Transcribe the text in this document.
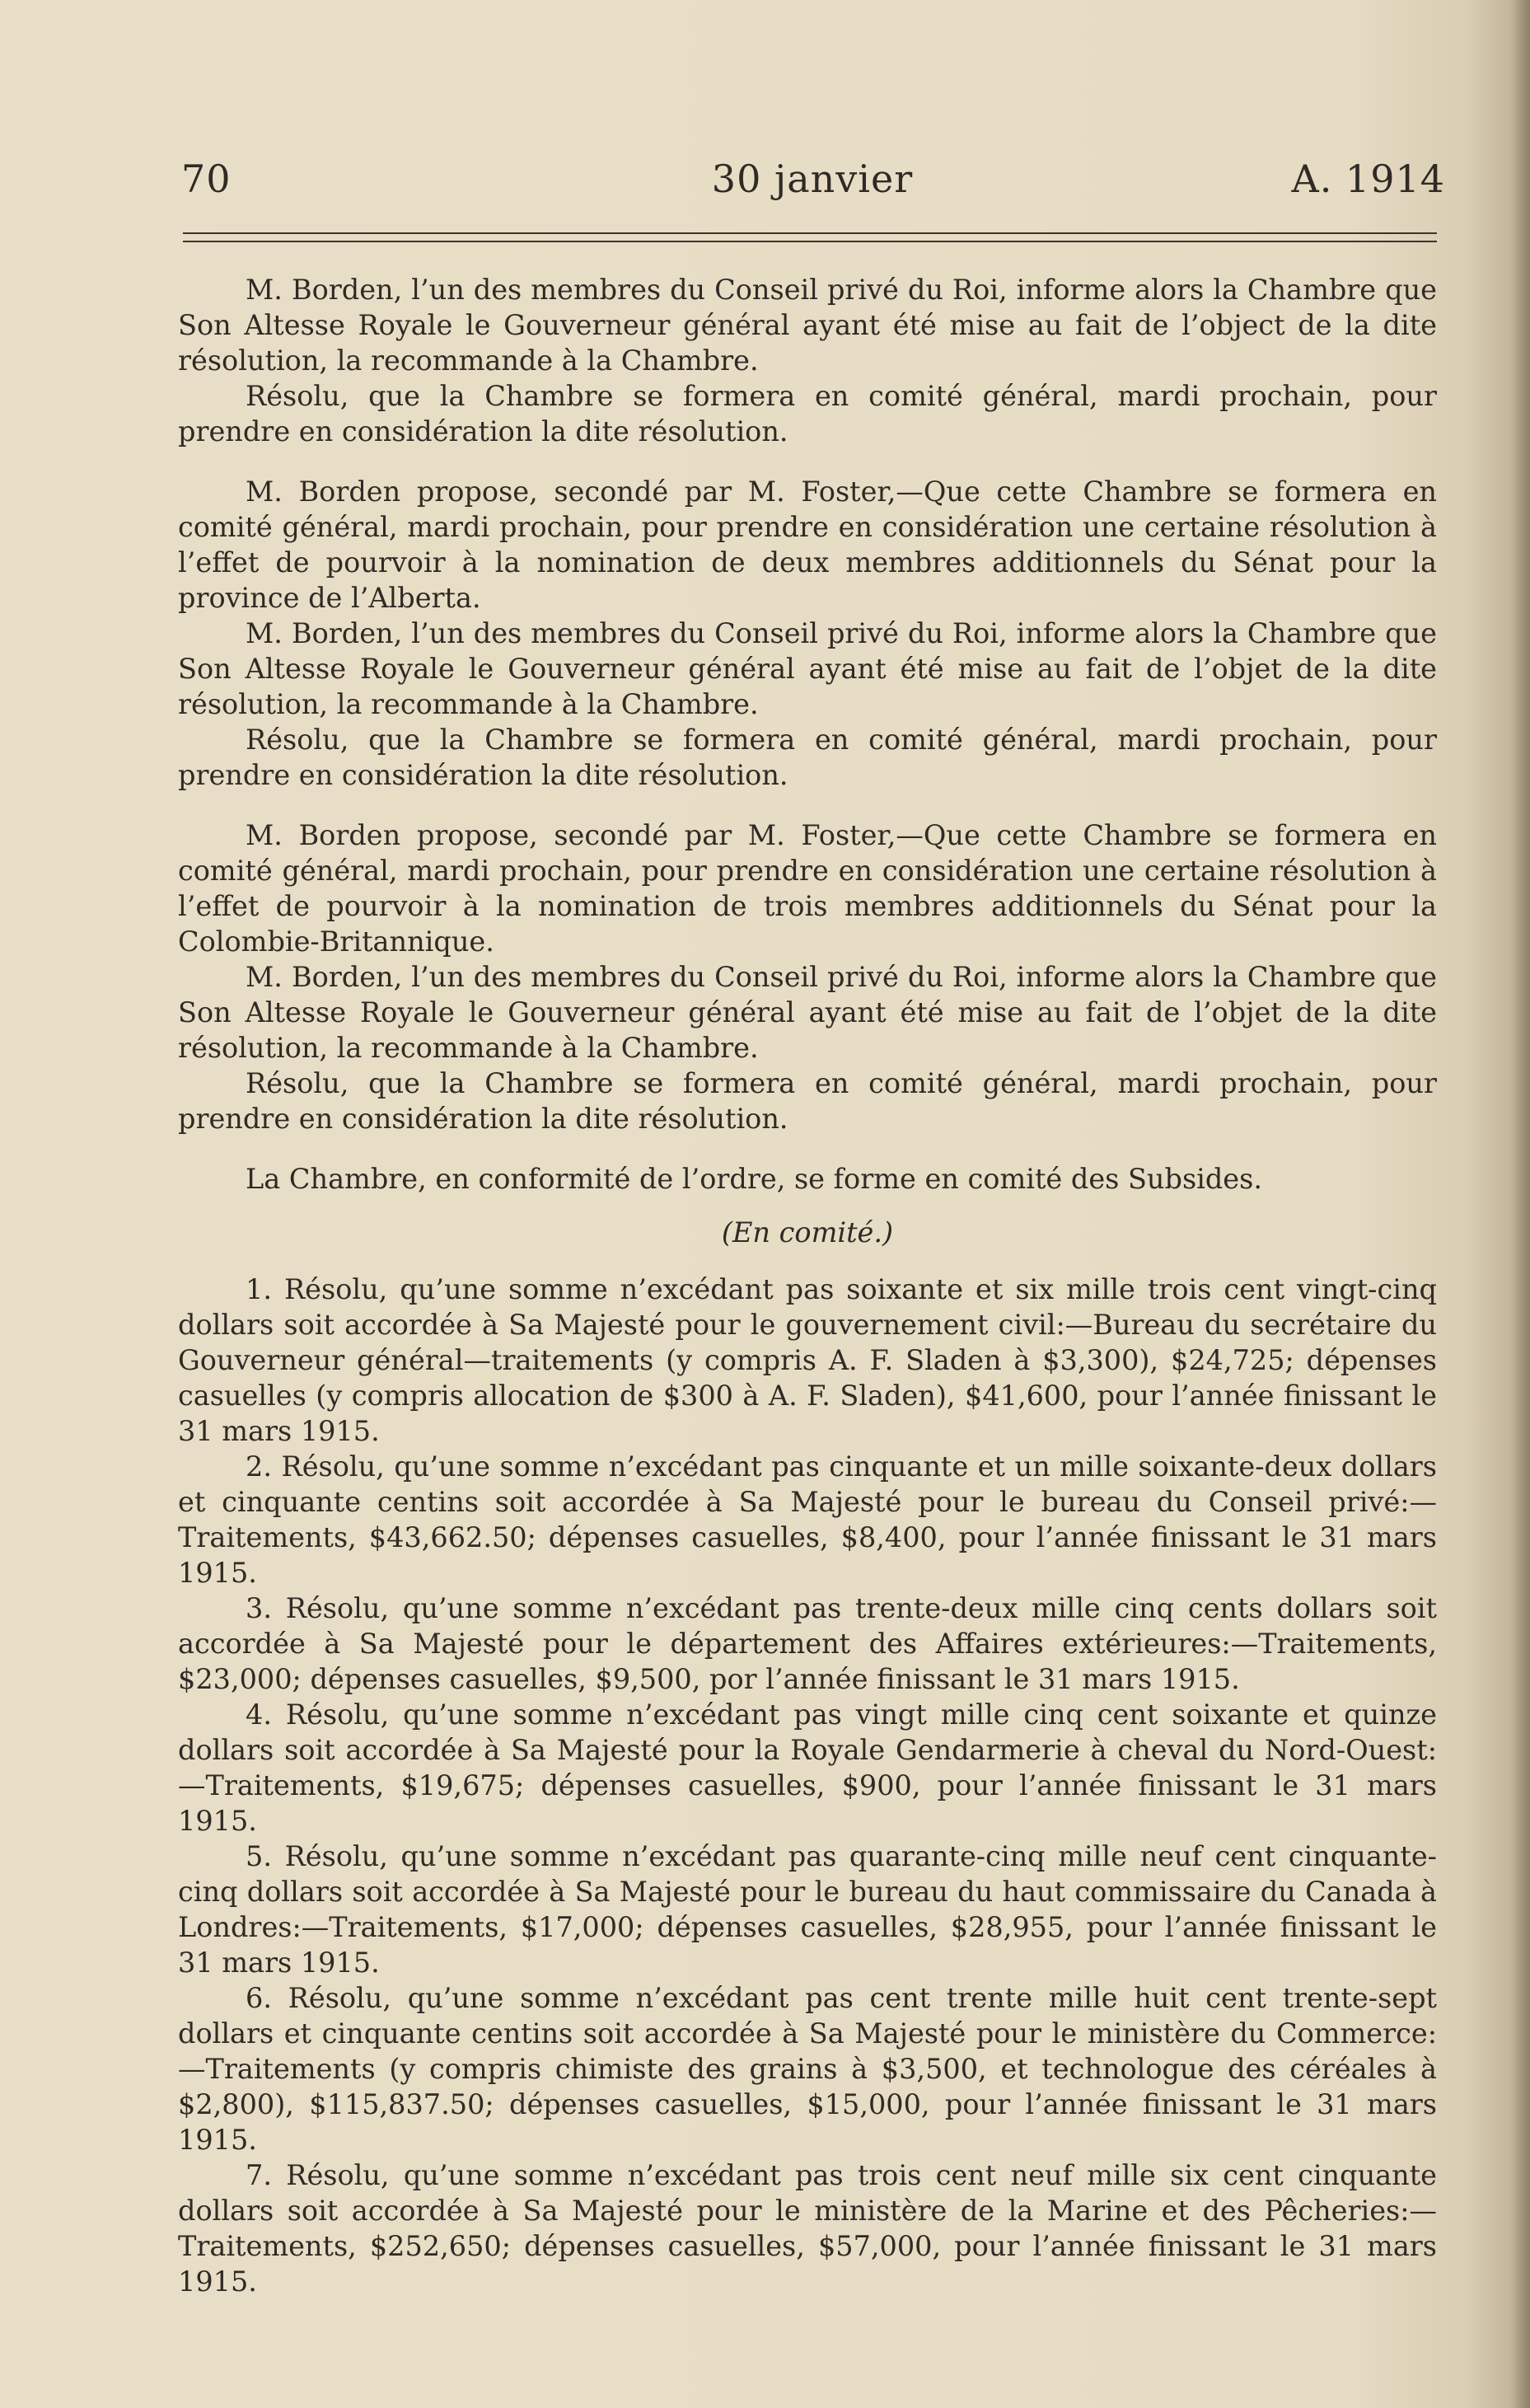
70	30 janvier	A. 1914

M. Borden, l’un des membres du Conseil privé du Roi, informe alors la Chambre que Son Altesse Royale le Gouverneur général ayant été mise au fait de l’object de la dite résolution, la recommande à la Chambre.

Résolu, que la Chambre se formera en comité général, mardi prochain, pour prendre en considération la dite résolution.

M. Borden propose, secondé par M. Foster,—Que cette Chambre se formera en comité général, mardi prochain, pour prendre en considération une certaine résolution à l’effet de pourvoir à la nomination de deux membres additionnels du Sénat pour la province de l’Alberta.

M. Borden, l’un des membres du Conseil privé du Roi, informe alors la Chambre que Son Altesse Royale le Gouverneur général ayant été mise au fait de l’objet de la dite résolution, la recommande à la Chambre.

Résolu, que la Chambre se formera en comité général, mardi prochain, pour prendre en considération la dite résolution.

M. Borden propose, secondé par M. Foster,—Que cette Chambre se formera en comité général, mardi prochain, pour prendre en considération une certaine résolution à l’effet de pourvoir à la nomination de trois membres additionnels du Sénat pour la Colombie-Britannique.

M. Borden, l’un des membres du Conseil privé du Roi, informe alors la Chambre que Son Altesse Royale le Gouverneur général ayant été mise au fait de l’objet de la dite résolution, la recommande à la Chambre.

Résolu, que la Chambre se formera en comité général, mardi prochain, pour prendre en considération la dite résolution.

La Chambre, en conformité de l’ordre, se forme en comité des Subsides.

(En comité.)

1. Résolu, qu’une somme n’excédant pas soixante et six mille trois cent vingt-cinq dollars soit accordée à Sa Majesté pour le gouvernement civil:—Bureau du secrétaire du Gouverneur général—traitements (y compris A. F. Sladen à $3,300), $24,725; dépenses casuelles (y compris allocation de $300 à A. F. Sladen), $41,600, pour l’année finissant le 31 mars 1915.

2. Résolu, qu’une somme n’excédant pas cinquante et un mille soixante-deux dollars et cinquante centins soit accordée à Sa Majesté pour le bureau du Conseil privé:—Traitements, $43,662.50; dépenses casuelles, $8,400, pour l’année finissant le 31 mars 1915.

3. Résolu, qu’une somme n’excédant pas trente-deux mille cinq cents dollars soit accordée à Sa Majesté pour le département des Affaires extérieures:—Traitements, $23,000; dépenses casuelles, $9,500, por l’année finissant le 31 mars 1915.

4. Résolu, qu’une somme n’excédant pas vingt mille cinq cent soixante et quinze dollars soit accordée à Sa Majesté pour la Royale Gendarmerie à cheval du Nord-Ouest:—Traitements, $19,675; dépenses casuelles, $900, pour l’année finissant le 31 mars 1915.

5. Résolu, qu’une somme n’excédant pas quarante-cinq mille neuf cent cinquante-cinq dollars soit accordée à Sa Majesté pour le bureau du haut commissaire du Canada à Londres:—Traitements, $17,000; dépenses casuelles, $28,955, pour l’année finissant le 31 mars 1915.

6. Résolu, qu’une somme n’excédant pas cent trente mille huit cent trente-sept dollars et cinquante centins soit accordée à Sa Majesté pour le ministère du Commerce:—Traitements (y compris chimiste des grains à $3,500, et technologue des céréales à $2,800), $115,837.50; dépenses casuelles, $15,000, pour l’année finissant le 31 mars 1915.

7. Résolu, qu’une somme n’excédant pas trois cent neuf mille six cent cinquante dollars soit accordée à Sa Majesté pour le ministère de la Marine et des Pêcheries:—Traitements, $252,650; dépenses casuelles, $57,000, pour l’année finissant le 31 mars 1915.
